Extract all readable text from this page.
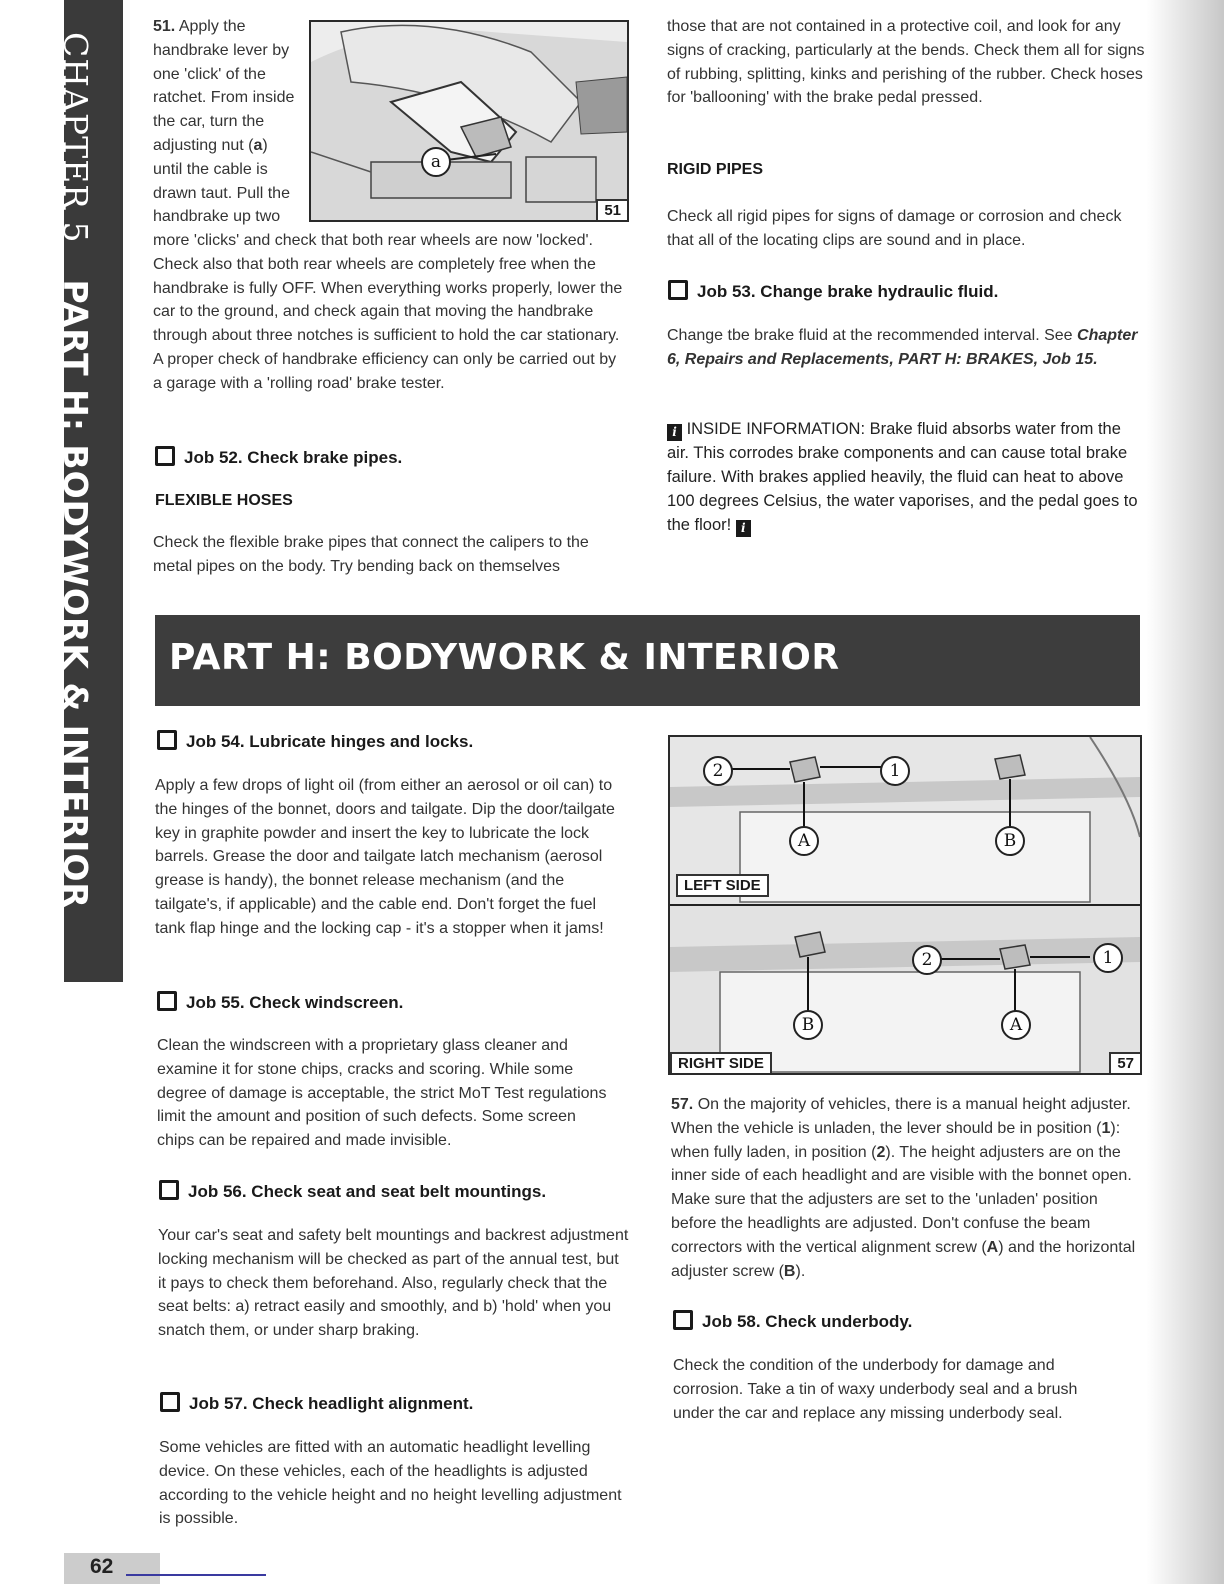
CHAPTER 5PART H: BODYWORK & INTERIOR
a
51

51. Apply the
handbrake lever by
one 'click' of the
ratchet. From inside
the car, turn the
adjusting nut (a)
until the cable is
drawn taut. Pull the
handbrake up two

more 'clicks' and check that both rear wheels are now 'locked'. Check also that both rear wheels are completely free when the handbrake is fully OFF. When everything works properly, lower the car to the ground, and check again that moving the handbrake through about three notches is sufficient to hold the car stationary. A proper check of handbrake efficiency can only be carried out by a garage with a 'rolling road' brake tester.

Job 52. Check brake pipes.
FLEXIBLE HOSES

Check the flexible brake pipes that connect the calipers to the metal pipes on the body. Try bending back on themselves

those that are not contained in a protective coil, and look for any signs of cracking, particularly at the bends. Check them all for signs of rubbing, splitting, kinks and perishing of the rubber. Check hoses for 'ballooning' with the brake pedal pressed.

RIGID PIPES

Check all rigid pipes for signs of damage or corrosion and check that all of the locating clips are sound and in place.

Job 53. Change brake hydraulic fluid.

Change tbe brake fluid at the recommended interval. See Chapter 6, Repairs and Replacements, PART H: BRAKES, Job 15.

i INSIDE INFORMATION: Brake fluid absorbs water from the air. This corrodes brake components and can cause total brake failure. With brakes applied heavily, the fluid can heat to above 100 degrees Celsius, the water vaporises, and the pedal goes to the floor! i

PART H: BODYWORK & INTERIOR
Job 54. Lubricate hinges and locks.

Apply a few drops of light oil (from either an aerosol or oil can) to the hinges of the bonnet, doors and tailgate. Dip the door/tailgate key in graphite powder and insert the key to lubricate the lock barrels. Grease the door and tailgate latch mechanism (aerosol grease is handy), the bonnet release mechanism (and the tailgate's, if applicable) and the cable end. Don't forget the fuel tank flap hinge and the locking cap - it's a stopper when it jams!

Job 55. Check windscreen.

Clean the windscreen with a proprietary glass cleaner and examine it for stone chips, cracks and scoring. While some degree of damage is acceptable, the strict MoT Test regulations limit the amount and position of such defects. Some screen chips can be repaired and made invisible.

Job 56. Check seat and seat belt mountings.

Your car's seat and safety belt mountings and backrest adjustment locking mechanism will be checked as part of the annual test, but it pays to check them beforehand. Also, regularly check that the seat belts: a) retract easily and smoothly, and b) 'hold' when you snatch them, or under sharp braking.

Job 57. Check headlight alignment.

Some vehicles are fitted with an automatic headlight levelling device. On these vehicles, each of the headlights is adjusted according to the vehicle height and no height levelling adjustment is possible.

2	1
A	B
LEFT SIDE
2	1
B	A
RIGHT SIDE	57

57. On the majority of vehicles, there is a manual height adjuster. When the vehicle is unladen, the lever should be in position (1): when fully laden, in position (2). The height adjusters are on the inner side of each headlight and are visible with the bonnet open. Make sure that the adjusters are set to the 'unladen' position before the headlights are adjusted. Don't confuse the beam correctors with the vertical alignment screw (A) and the horizontal adjuster screw (B).

Job 58. Check underbody.

Check the condition of the underbody for damage and corrosion. Take a tin of waxy underbody seal and a brush under the car and replace any missing underbody seal.

62
